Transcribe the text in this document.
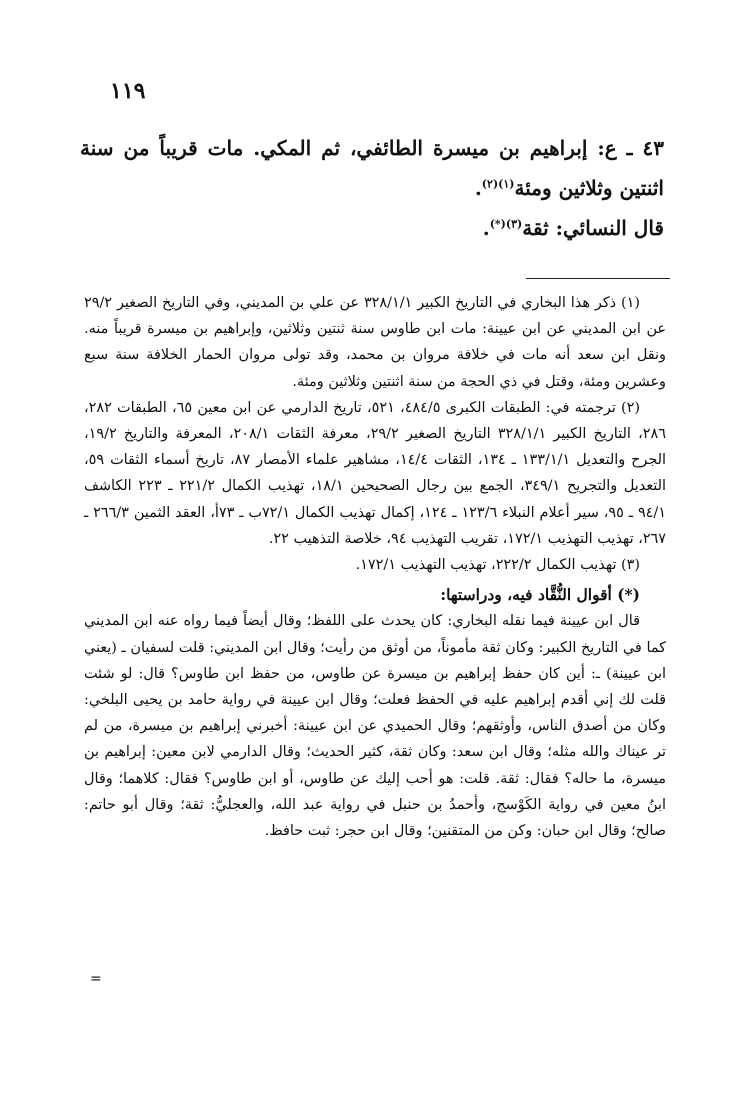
١١٩

٤٣ ـ ع: إبراهيم بن ميسرة الطائفي، ثم المكي. مات قريباً من سنة اثنتين وثلاثين ومئة$^{(١)(٢)}$.

قال النسائي: ثقة$^{(٣)(*)}$.

(١) ذكر هذا البخاري في التاريخ الكبير ٣٢٨/١/١ عن علي بن المديني، وفي التاريخ الصغير ٢٩/٢ عن ابن المديني عن ابن عيينة: مات ابن طاوس سنة ثنتين وثلاثين، وإبراهيم بن ميسرة قريباً منه. ونقل ابن سعد أنه مات في خلافة مروان بن محمد، وقد تولى مروان الحمار الخلافة سنة سبع وعشرين ومئة، وقتل في ذي الحجة من سنة اثنتين وثلاثين ومئة.

(٢) ترجمته في: الطبقات الكبرى ٤٨٤/٥، ٥٢١، تاريخ الدارمي عن ابن معين ٦٥، الطبقات ٢٨٢، ٢٨٦، التاريخ الكبير ٣٢٨/١/١ التاريخ الصغير ٢٩/٢، معرفة الثقات ٢٠٨/١، المعرفة والتاريخ ١٩/٢، الجرح والتعديل ١٣٣/١/١ ـ ١٣٤، الثقات ١٤/٤، مشاهير علماء الأمصار ٨٧، تاريخ أسماء الثقات ٥٩، التعديل والتجريح ٣٤٩/١، الجمع بين رجال الصحيحين ١٨/١، تهذيب الكمال ٢٢١/٢ ـ ٢٢٣ الكاشف ٩٤/١ ـ ٩٥، سير أعلام النبلاء ١٢٣/٦ ـ ١٢٤، إكمال تهذيب الكمال ٧٢/١ب ـ ٧٣أ، العقد الثمين ٢٦٦/٣ ـ ٢٦٧، تهذيب التهذيب ١٧٢/١، تقريب التهذيب ٩٤، خلاصة التذهيب ٢٢.

(٣) تهذيب الكمال ٢٢٢/٢، تهذيب التهذيب ١٧٢/١.

(*) أقوال النُّقَّاد فيه، ودراستها:

قال ابن عيينة فيما نقله البخاري: كان يحدث على اللفظ؛ وقال أيضاً فيما رواه عنه ابن المديني كما في التاريخ الكبير: وكان ثقة مأموناً، من أوثق من رأيت؛ وقال ابن المديني: قلت لسفيان ـ (يعني ابن عيينة) ـ: أين كان حفظ إبراهيم بن ميسرة عن طاوس، من حفظ ابن طاوس؟ قال: لو شئت قلت لك إني أقدم إبراهيم عليه في الحفظ فعلت؛ وقال ابن عيينة في رواية حامد بن يحيى البلخي: وكان من أصدق الناس، وأوثقهم؛ وقال الحميدي عن ابن عيينة: أخبرني إبراهيم بن ميسرة، من لم تر عيناك والله مثله؛ وقال ابن سعد: وكان ثقة، كثير الحديث؛ وقال الدارمي لابن معين: إبراهيم بن ميسرة، ما حاله؟ فقال: ثقة. قلت: هو أحب إليك عن طاوس، أو ابن طاوس؟ فقال: كلاهما؛ وقال ابنُ معين في رواية الكَوْسج، وأحمدُ بن حنبل في رواية عبد الله، والعجليُّ: ثقة؛ وقال أبو حاتم: صالح؛ وقال ابن حبان: وكن من المتقنين؛ وقال ابن حجر: ثبت حافظ.

=
